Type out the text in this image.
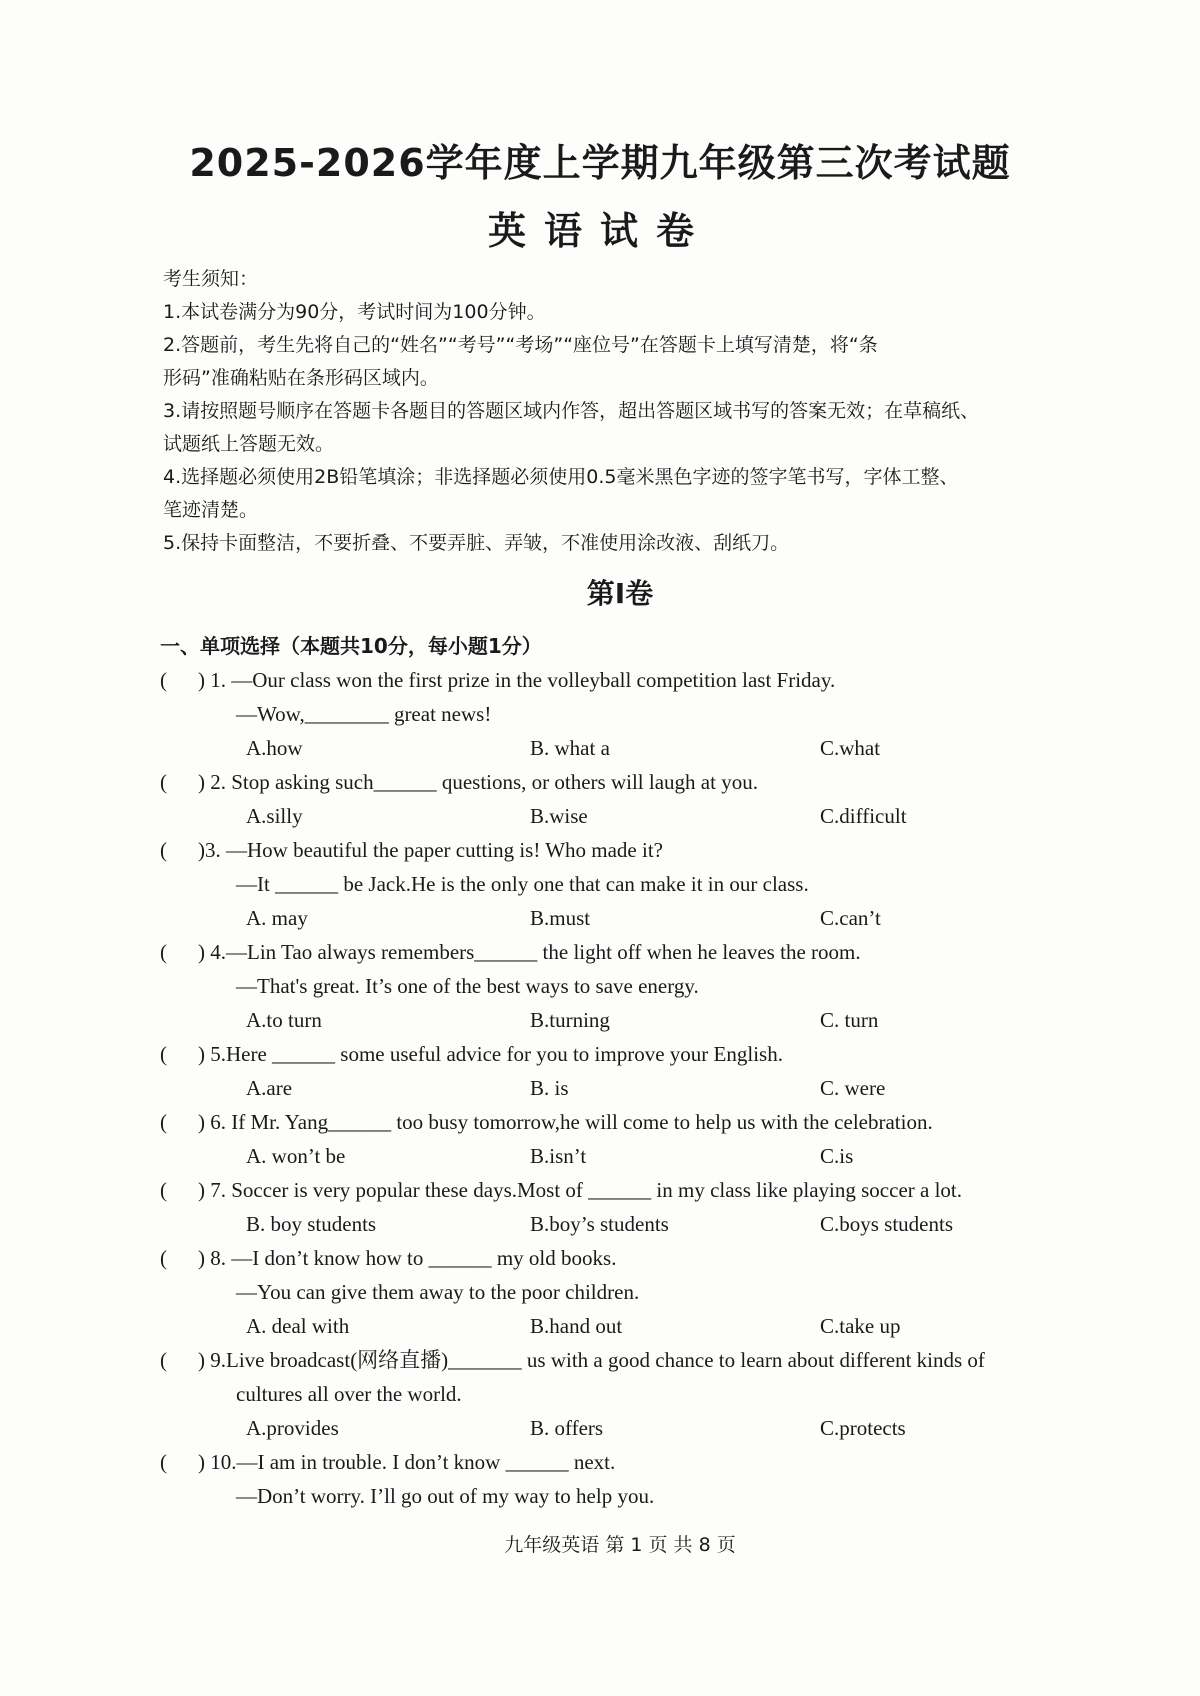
2025-2026学年度上学期九年级第三次考试题
英语试卷
考生须知：
1.本试卷满分为90分，考试时间为100分钟。
2.答题前，考生先将自己的“姓名”“考号”“考场”“座位号”在答题卡上填写清楚，将“条
形码”准确粘贴在条形码区域内。
3.请按照题号顺序在答题卡各题目的答题区域内作答，超出答题区域书写的答案无效；在草稿纸、
试题纸上答题无效。
4.选择题必须使用2B铅笔填涂；非选择题必须使用0.5毫米黑色字迹的签字笔书写，字体工整、
笔迹清楚。
5.保持卡面整洁，不要折叠、不要弄脏、弄皱，不准使用涂改液、刮纸刀。
第Ⅰ卷
一、单项选择（本题共10分，每小题1分）
( ) 1. —Our class won the first prize in the volleyball competition last Friday.
—Wow,________ great news!
A.how	B. what a	C.what
( ) 2. Stop asking such______ questions, or others will laugh at you.
A.silly	B.wise	C.difficult
( )3. —How beautiful the paper cutting is! Who made it?
—It ______ be Jack.He is the only one that can make it in our class.
A. may	B.must	C.can’t
( ) 4.—Lin Tao always remembers______ the light off when he leaves the room.
—That's great. It’s one of the best ways to save energy.
A.to turn	B.turning	C. turn
( ) 5.Here ______ some useful advice for you to improve your English.
A.are	B. is	C. were
( ) 6. If Mr. Yang______ too busy tomorrow,he will come to help us with the celebration.
A. won’t be	B.isn’t	C.is
( ) 7. Soccer is very popular these days.Most of ______ in my class like playing soccer a lot.
B. boy students	B.boy’s students	C.boys students
( ) 8. —I don’t know how to ______ my old books.
—You can give them away to the poor children.
A. deal with	B.hand out	C.take up
( ) 9.Live broadcast(网络直播)_______ us with a good chance to learn about different kinds of
cultures all over the world.
A.provides	B. offers	C.protects
( ) 10.—I am in trouble. I don’t know ______ next.
—Don’t worry. I’ll go out of my way to help you.
九年级英语 第 1 页 共 8 页
